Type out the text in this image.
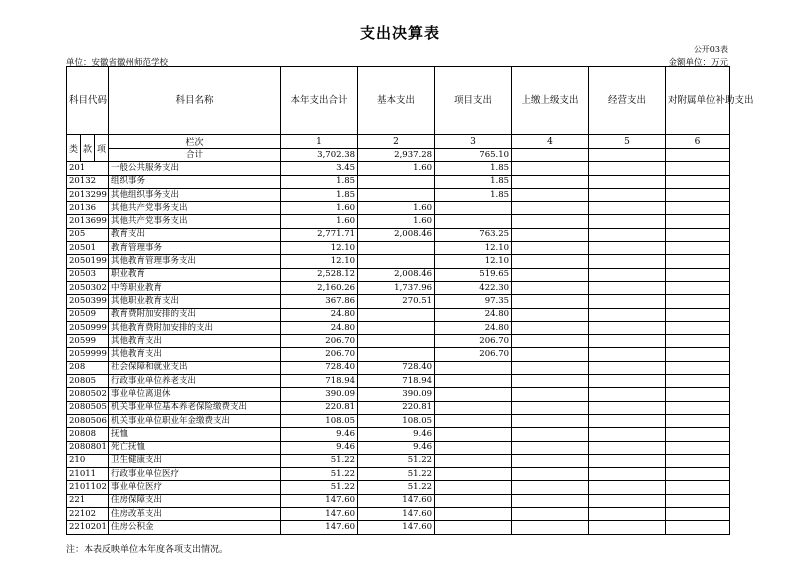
支出决算表
公开03表
单位：安徽省徽州师范学校	金额单位：万元
科目代码			科目名称	本年支出合计	基本支出	项目支出	上缴上级支出	经营支出	对附属单位补助支出
类	款	项	栏次	1	2	3	4	5	6
			合计	3,702.38	2,937.28	765.10			
201			一般公共服务支出	3.45	1.60	1.85			
20132			组织事务	1.85		1.85			
2013299			其他组织事务支出	1.85		1.85			
20136			其他共产党事务支出	1.60	1.60				
2013699			其他共产党事务支出	1.60	1.60				
205			教育支出	2,771.71	2,008.46	763.25			
20501			教育管理事务	12.10		12.10			
2050199			其他教育管理事务支出	12.10		12.10			
20503			职业教育	2,528.12	2,008.46	519.65			
2050302			中等职业教育	2,160.26	1,737.96	422.30			
2050399			其他职业教育支出	367.86	270.51	97.35			
20509			教育费附加安排的支出	24.80		24.80			
2050999			其他教育费附加安排的支出	24.80		24.80			
20599			其他教育支出	206.70		206.70			
2059999			其他教育支出	206.70		206.70			
208			社会保障和就业支出	728.40	728.40				
20805			行政事业单位养老支出	718.94	718.94				
2080502			事业单位离退休	390.09	390.09				
2080505			机关事业单位基本养老保险缴费支出	220.81	220.81				
2080506			机关事业单位职业年金缴费支出	108.05	108.05				
20808			抚恤	9.46	9.46				
2080801			死亡抚恤	9.46	9.46				
210			卫生健康支出	51.22	51.22				
21011			行政事业单位医疗	51.22	51.22				
2101102			事业单位医疗	51.22	51.22				
221			住房保障支出	147.60	147.60				
22102			住房改革支出	147.60	147.60				
2210201			住房公积金	147.60	147.60				
注：本表反映单位本年度各项支出情况。
